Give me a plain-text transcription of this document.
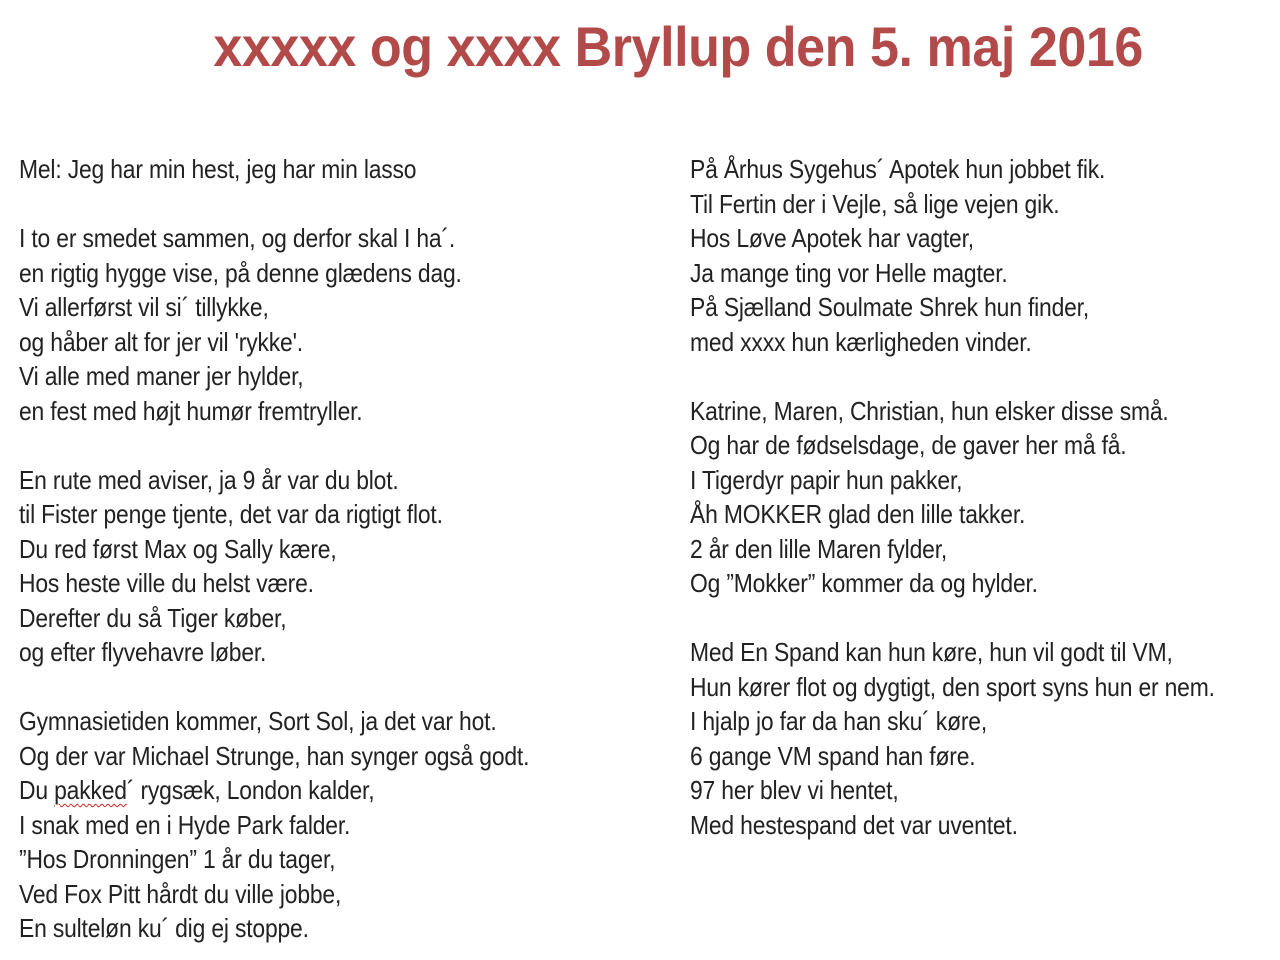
xxxxx og xxxx Bryllup den 5. maj 2016
Mel: Jeg har min hest, jeg har min lasso
I to er smedet sammen, og derfor skal I ha´.
en rigtig hygge vise, på denne glædens dag.
Vi allerførst vil si´ tillykke,
og håber alt for jer vil 'rykke'.
Vi alle med maner jer hylder,
en fest med højt humør fremtryller.
En rute med aviser, ja 9 år var du blot.
til Fister penge tjente, det var da rigtigt flot.
Du red først Max og Sally kære,
Hos heste ville du helst være.
Derefter du så Tiger køber,
og efter flyvehavre løber.
Gymnasietiden kommer, Sort Sol, ja det var hot.
Og der var Michael Strunge, han synger også godt.
Du pakked´ rygsæk, London kalder,
I snak med en i Hyde Park falder.
”Hos Dronningen” 1 år du tager,
Ved Fox Pitt hårdt du ville jobbe,
En sulteløn ku´ dig ej stoppe.
På Århus Sygehus´ Apotek hun jobbet fik.
Til Fertin der i Vejle, så lige vejen gik.
Hos Løve Apotek har vagter,
Ja mange ting vor Helle magter.
På Sjælland Soulmate Shrek hun finder,
med xxxx hun kærligheden vinder.
Katrine, Maren, Christian, hun elsker disse små.
Og har de fødselsdage, de gaver her må få.
I Tigerdyr papir hun pakker,
Åh MOKKER glad den lille takker.
2 år den lille Maren fylder,
Og ”Mokker” kommer da og hylder.
Med En Spand kan hun køre, hun vil godt til VM,
Hun kører flot og dygtigt, den sport syns hun er nem.
I hjalp jo far da han sku´ køre,
6 gange VM spand han føre.
97 her blev vi hentet,
Med hestespand det var uventet.
